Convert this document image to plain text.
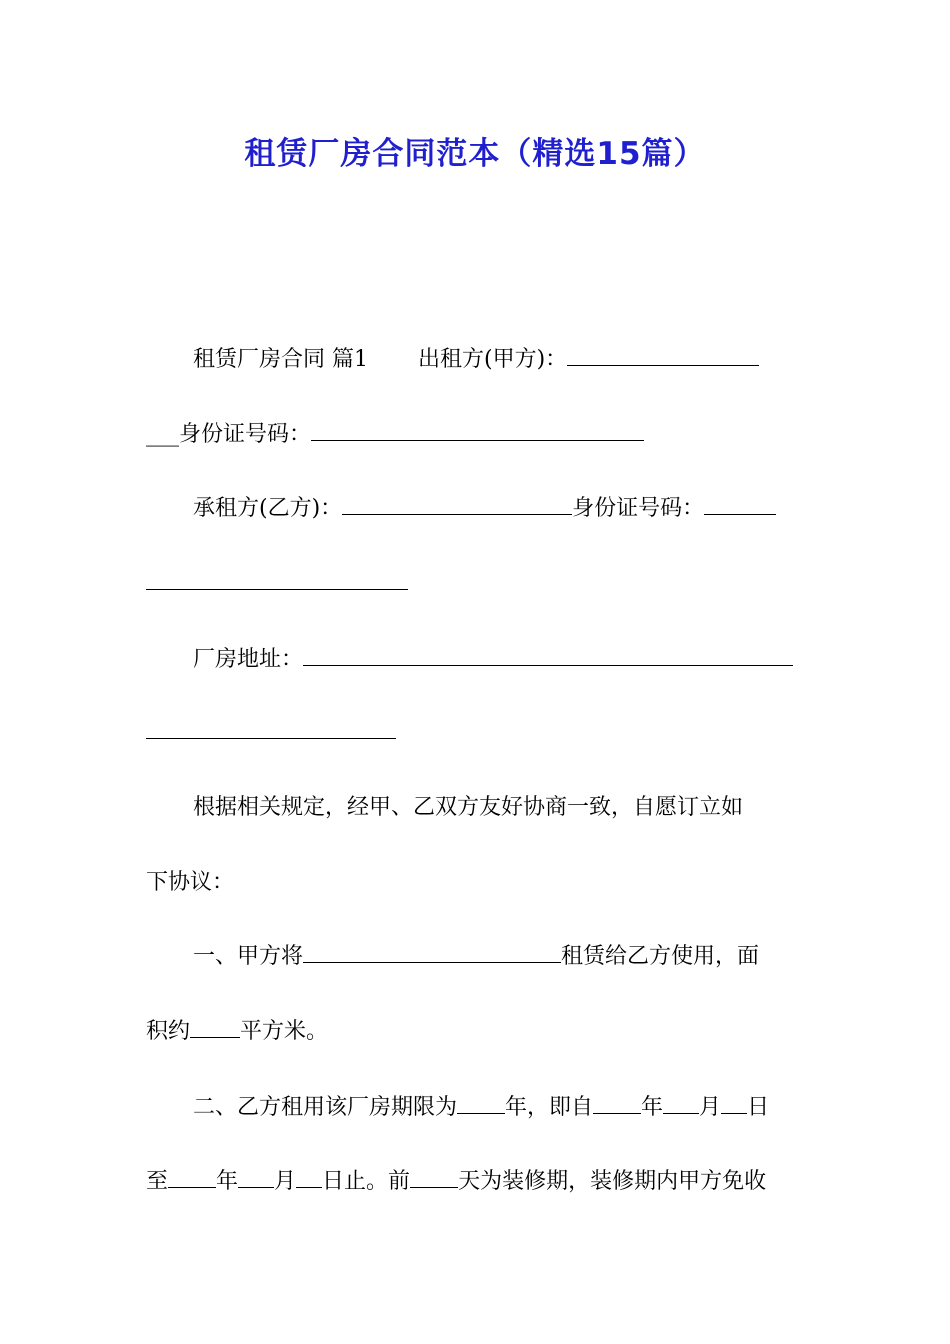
租赁厂房合同范本（精选15篇）
租赁厂房合同 篇1 出租方(甲方)：
___身份证号码：
承租方(乙方)：	身份证号码：
厂房地址：
根据相关规定，经甲、乙双方友好协商一致，自愿订立如
下协议：
一、甲方将	租赁给乙方使用，面
积约 平方米。
二、乙方租用该厂房期限为 年，即自 年 月 日
至 年 月 日止。前 天为装修期，装修期内甲方免收
